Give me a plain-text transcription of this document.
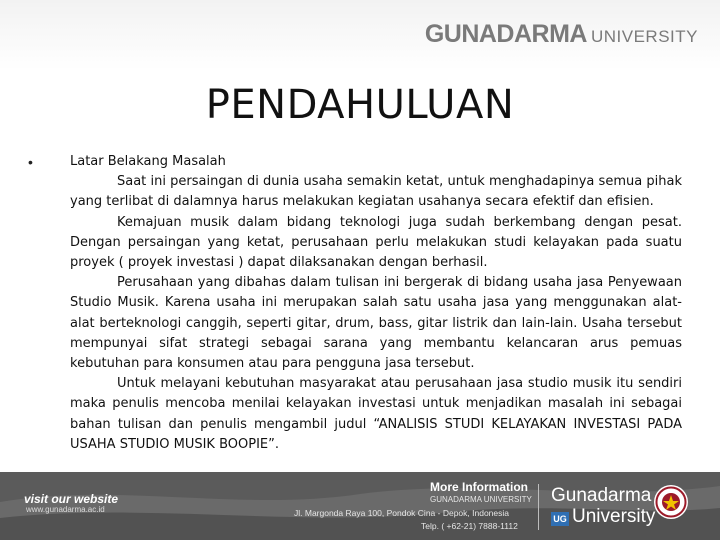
GUNADARMA UNIVERSITY
PENDAHULUAN
•	Latar Belakang Masalah

Saat ini persaingan di dunia usaha semakin ketat, untuk menghadapinya semua pihak yang terlibat di dalamnya harus melakukan kegiatan usahanya secara efektif dan efisien.

Kemajuan musik dalam bidang teknologi juga sudah berkembang dengan pesat. Dengan persaingan yang ketat, perusahaan perlu melakukan studi kelayakan pada suatu proyek ( proyek investasi ) dapat dilaksanakan dengan berhasil.

Perusahaan yang dibahas dalam tulisan ini bergerak di bidang usaha jasa Penyewaan Studio Musik. Karena usaha ini merupakan salah satu usaha jasa yang menggunakan alat-alat berteknologi canggih, seperti gitar, drum, bass, gitar listrik dan lain-lain. Usaha tersebut mempunyai sifat strategi sebagai sarana yang membantu kelancaran arus pemuas kebutuhan para konsumen atau para pengguna jasa tersebut.

Untuk melayani kebutuhan masyarakat atau perusahaan jasa studio musik itu sendiri maka penulis mencoba menilai kelayakan investasi untuk menjadikan masalah ini sebagai bahan tulisan dan penulis mengambil judul “ANALISIS STUDI KELAYAKAN INVESTASI PADA USAHA STUDIO MUSIK BOOPIE”.

visit our website
www.gunadarma.ac.id
More Information
GUNADARMA UNIVERSITY
Jl. Margonda Raya 100, Pondok Cina - Depok, Indonesia
Telp. ( +62-21) 7888-1112
Gunadarma
UG University
